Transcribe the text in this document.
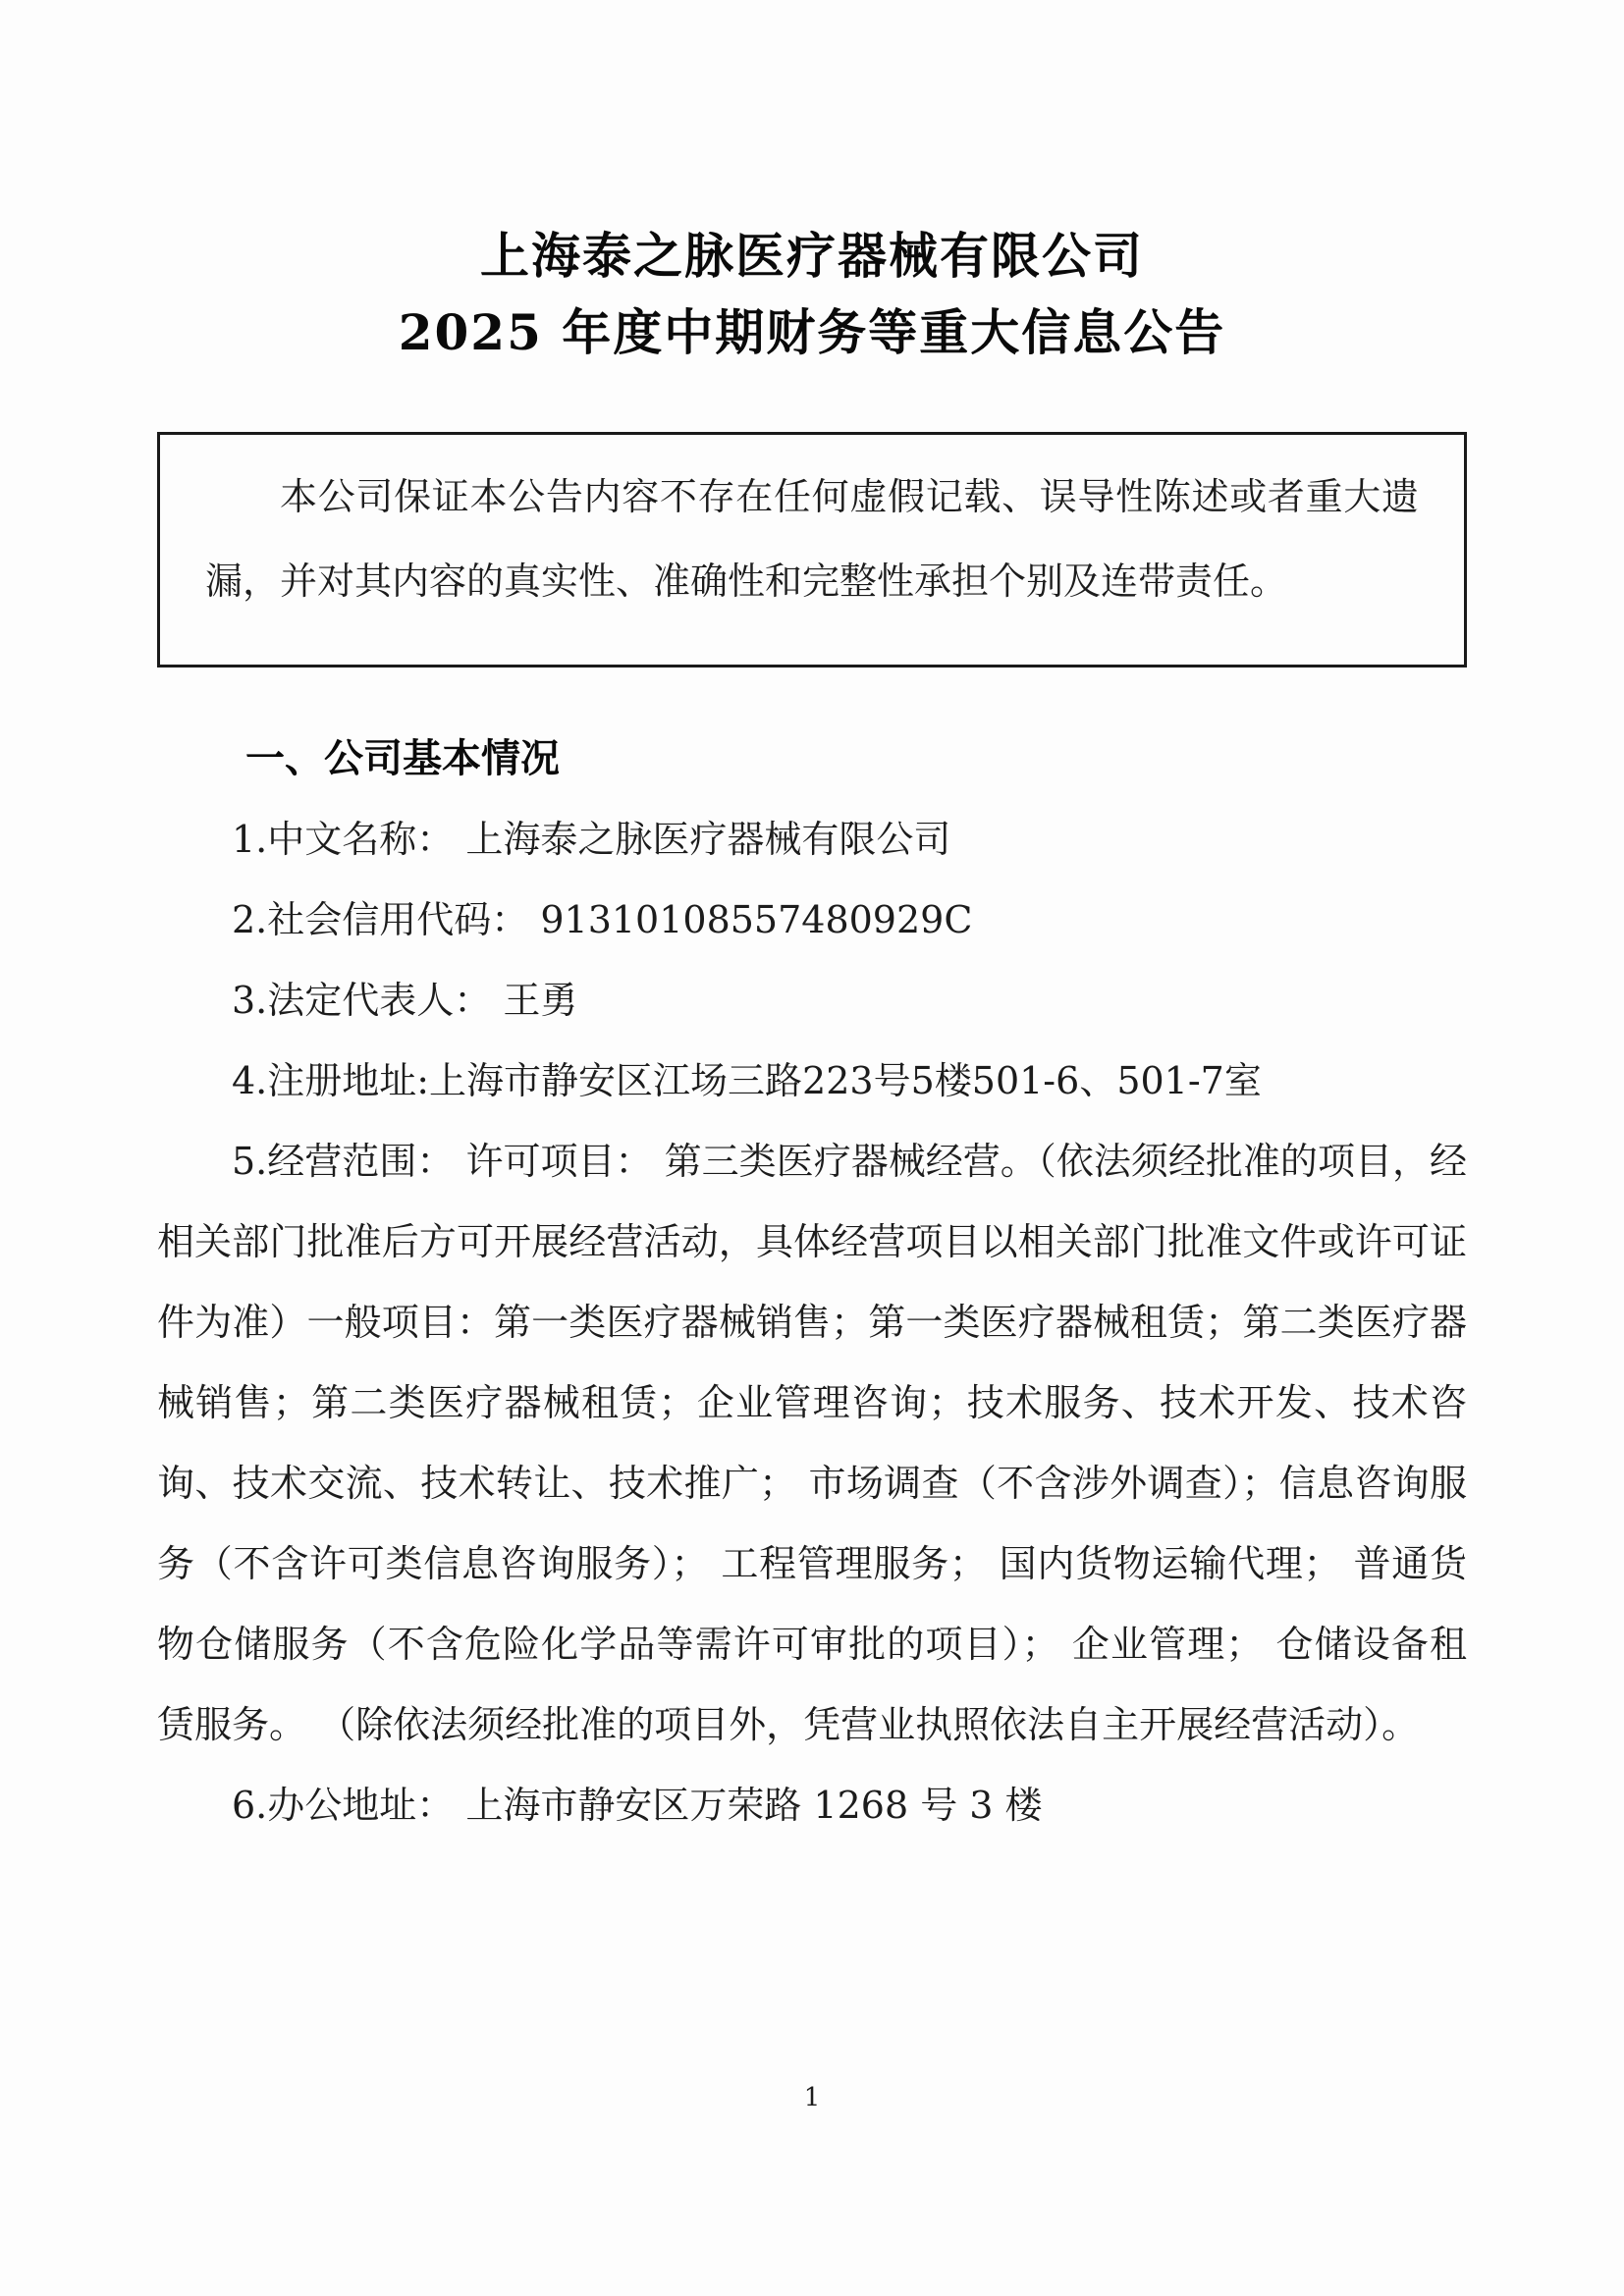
上海泰之脉医疗器械有限公司
2025 年度中期财务等重大信息公告

本公司保证本公告内容不存在任何虚假记载、误导性陈述或者重大遗漏，并对其内容的真实性、准确性和完整性承担个别及连带责任。

一、公司基本情况

1.中文名称： 上海泰之脉医疗器械有限公司

2.社会信用代码： 91310108557480929C

3.法定代表人： 王勇

4.注册地址:上海市静安区江场三路223号5楼501-6、501-7室

5.经营范围： 许可项目： 第三类医疗器械经营。（依法须经批准的项目，经相关部门批准后方可开展经营活动，具体经营项目以相关部门批准文件或许可证件为准）一般项目：第一类医疗器械销售；第一类医疗器械租赁；第二类医疗器械销售；第二类医疗器械租赁；企业管理咨询；技术服务、技术开发、技术咨询、技术交流、技术转让、技术推广； 市场调查（不含涉外调查）；信息咨询服务（不含许可类信息咨询服务）； 工程管理服务； 国内货物运输代理； 普通货物仓储服务（不含危险化学品等需许可审批的项目）； 企业管理； 仓储设备租赁服务。 （除依法须经批准的项目外，凭营业执照依法自主开展经营活动）。

6.办公地址： 上海市静安区万荣路 1268 号 3 楼

1
